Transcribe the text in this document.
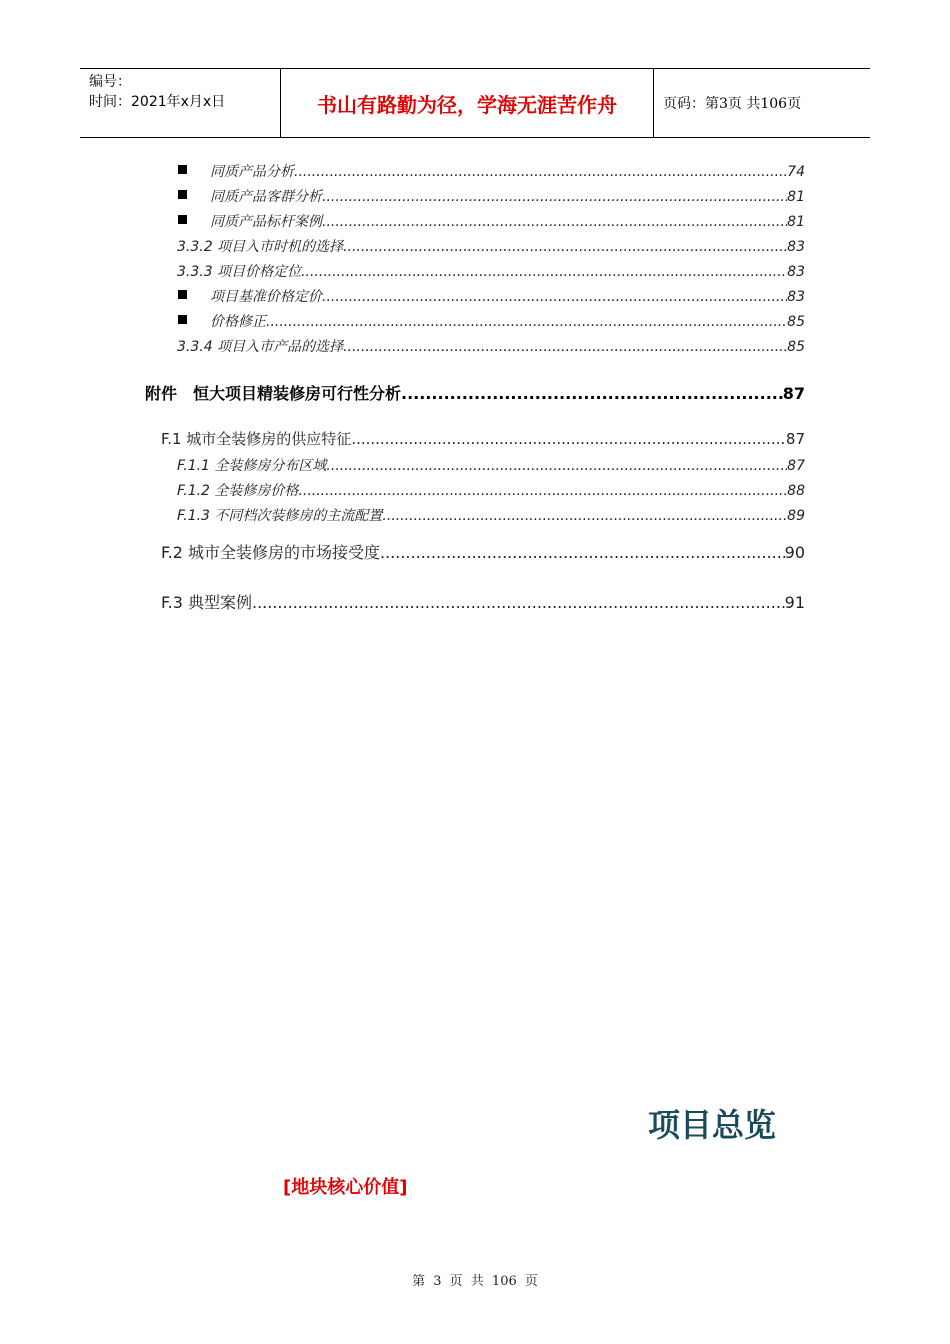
编号：
时间：2021年x月x日	书山有路勤为径，学海无涯苦作舟	页码：第3页 共106页
同质产品分析 .....	74
同质产品客群分析 .....	81
同质产品标杆案例 .....	81
3.3.2 项目入市时机的选择 .....	83
3.3.3 项目价格定位 .....	83
项目基准价格定价 .....	83
价格修正 .....	85
3.3.4 项目入市产品的选择 .....	85
附件　恒大项目精装修房可行性分析 .....	87
F.1 城市全装修房的供应特征 .....	87
F.1.1 全装修房分布区域 .....	87
F.1.2 全装修房价格 .....	88
F.1.3 不同档次装修房的主流配置 .....	89
F.2 城市全装修房的市场接受度 .....	90
F.3 典型案例 .....	91
项目总览
[地块核心价值]
第 3 页 共 106 页
